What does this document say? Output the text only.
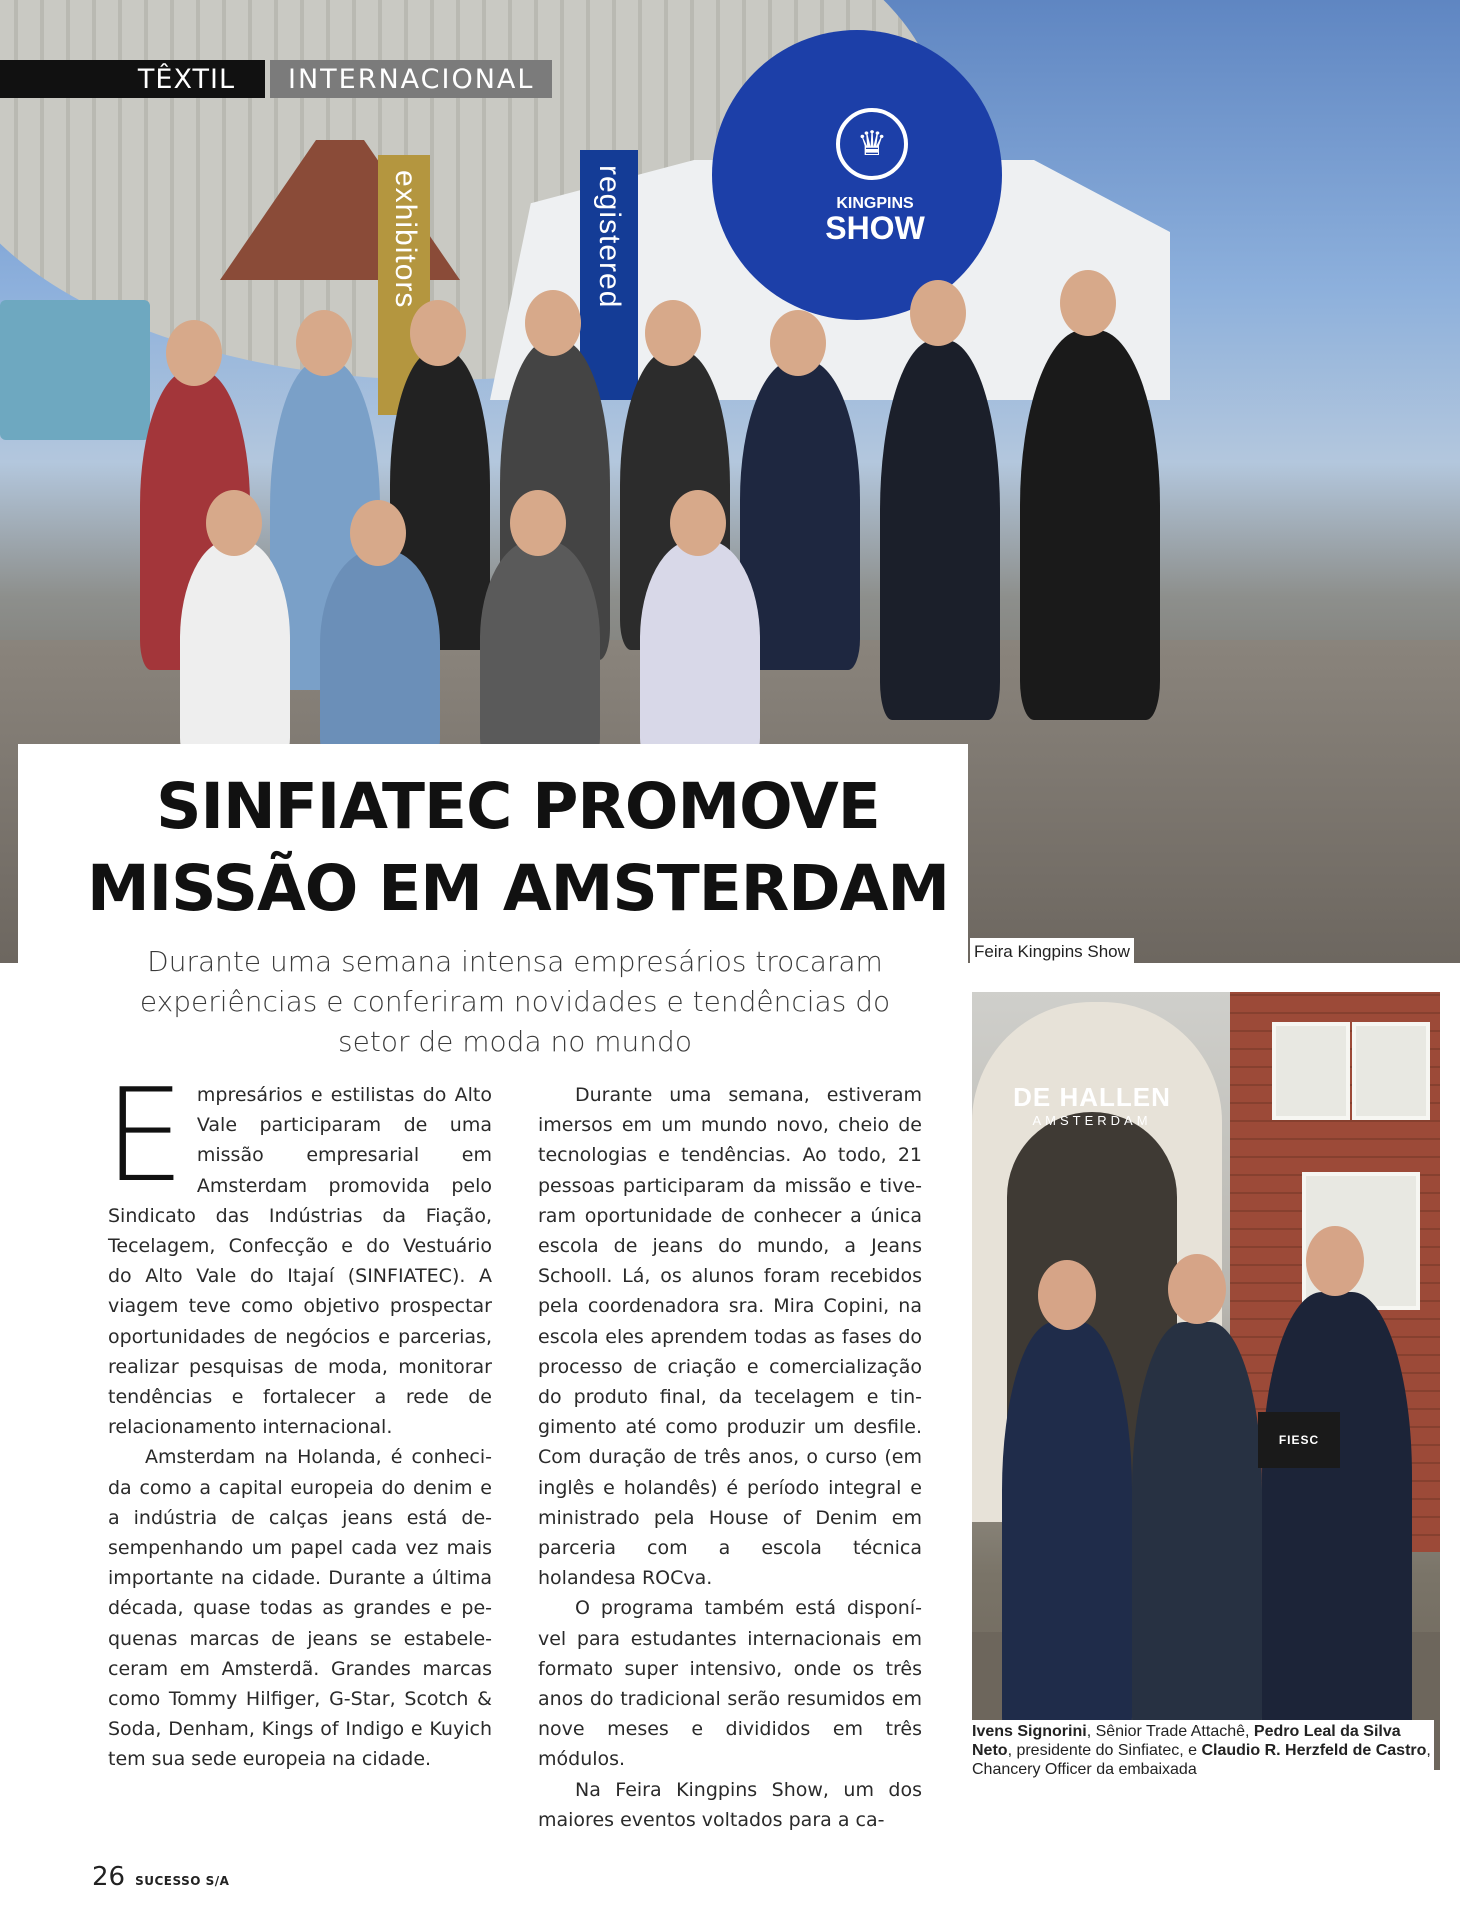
exhibitors	registered
♛
KINGPINS
SHOW
TÊXTIL	INTERNACIONAL
SINFIATEC PROMOVE
MISSÃO EM AMSTERDAM
Feira Kingpins Show

Durante uma semana intensa empresários trocaram experiências e conferiram novidades e tendências do setor de moda no mundo

Empresários e estilistas do Alto Vale participaram de uma missão empresarial em Amsterdam promovida pelo Sindicato das Indústrias da Fiação, Tecelagem, Confecção e do Vestuário do Alto Vale do Itajaí (SINFIATEC). A viagem teve como objetivo prospectar oportunidades de negócios e parcerias, realizar pesquisas de moda, monitorar tendências e fortalecer a rede de relacionamento internacional.

Amsterdam na Holanda, é conhecida como a capital europeia do denim e a indústria de calças jeans está desempenhando um papel cada vez mais importante na cidade. Durante a última década, quase todas as grandes e pequenas marcas de jeans se estabeleceram em Amsterdã. Grandes marcas como Tommy Hilfiger, G-Star, Scotch & Soda, Denham, Kings of Indigo e Kuyich tem sua sede europeia na cidade.

Durante uma semana, estiveram imersos em um mundo novo, cheio de tecnologias e tendências. Ao todo, 21 pessoas participaram da missão e tiveram oportunidade de conhecer a única escola de jeans do mundo, a Jeans Schooll. Lá, os alunos foram recebidos pela coordenadora sra. Mira Copini, na escola eles aprendem todas as fases do processo de criação e comercialização do produto final, da tecelagem e tingimento até como produzir um desfile. Com duração de três anos, o curso (em inglês e holandês) é período integral e ministrado pela House of Denim em parceria com a escola técnica holandesa ROCva.

O programa também está disponível para estudantes internacionais em formato super intensivo, onde os três anos do tradicional serão resumidos em nove meses e divididos em três módulos.

Na Feira Kingpins Show, um dos maiores eventos voltados para a ca-

DE HALLEN
AMSTERDAM
FIESC
Ivens Signorini, Sênior Trade Attachê, Pedro Leal da Silva Neto, presidente do Sinfiatec, e Claudio R. Herzfeld de Castro, Chancery Officer da embaixada
26 SUCESSO S/A
